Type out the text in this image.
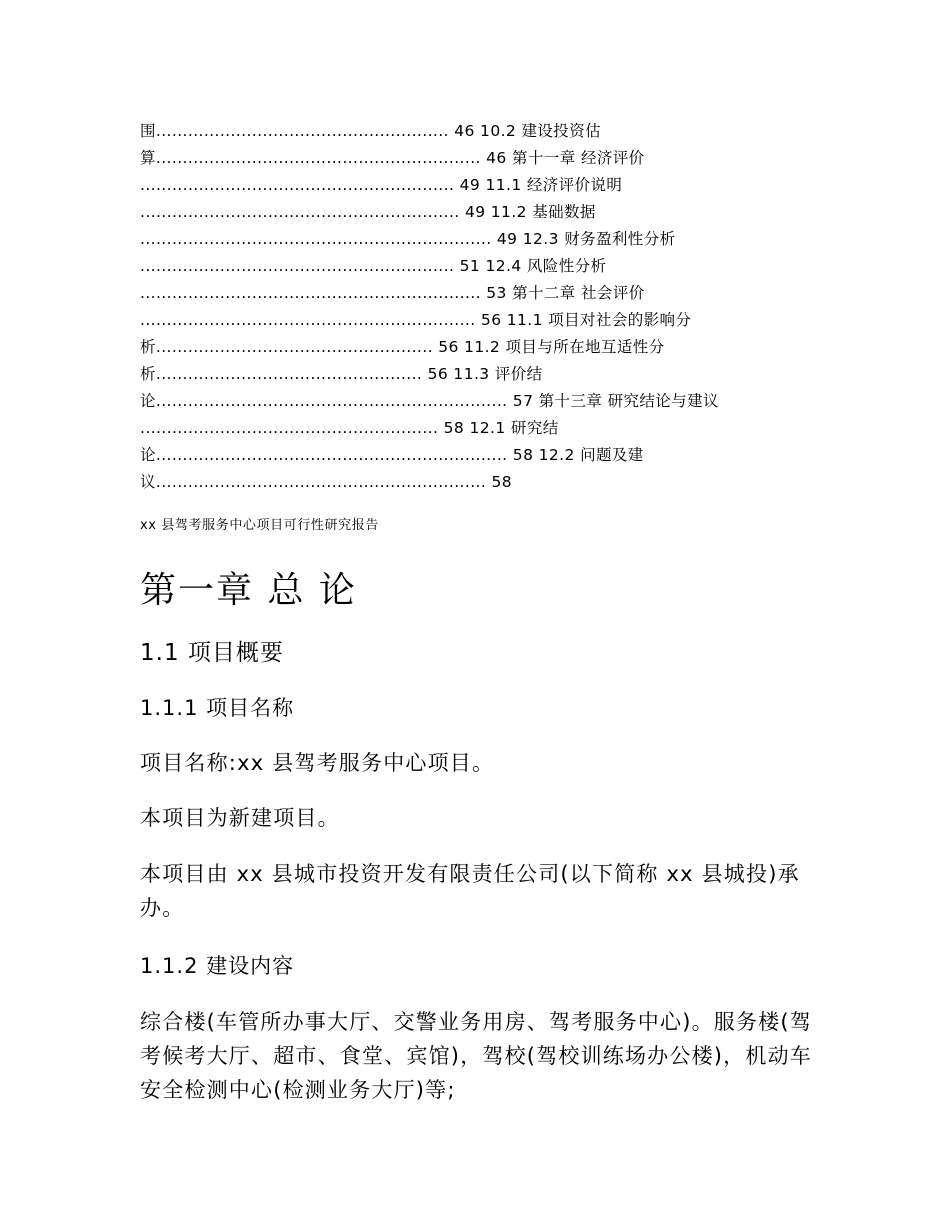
围....................................................... 46 10.2 建设投资估
算............................................................. 46 第十一章 经济评价
........................................................... 49 11.1 经济评价说明
............................................................ 49 11.2 基础数据
.................................................................. 49 12.3 财务盈利性分析
........................................................... 51 12.4 风险性分析
................................................................ 53 第十二章 社会评价
............................................................... 56 11.1 项目对社会的影响分
析.................................................... 56 11.2 项目与所在地互适性分
析.................................................. 56 11.3 评价结
论.................................................................. 57 第十三章 研究结论与建议
........................................................ 58 12.1 研究结
论.................................................................. 58 12.2 问题及建
议.............................................................. 58
xx 县驾考服务中心项目可行性研究报告
第一章 总 论
1.1 项目概要
1.1.1 项目名称
项目名称:xx 县驾考服务中心项目。
本项目为新建项目。
本项目由 xx 县城市投资开发有限责任公司(以下简称 xx 县城投)承办。
1.1.2 建设内容
综合楼(车管所办事大厅、交警业务用房、驾考服务中心)。服务楼(驾考候考大厅、超市、食堂、宾馆)，驾校(驾校训练场办公楼)，机动车安全检测中心(检测业务大厅)等;
